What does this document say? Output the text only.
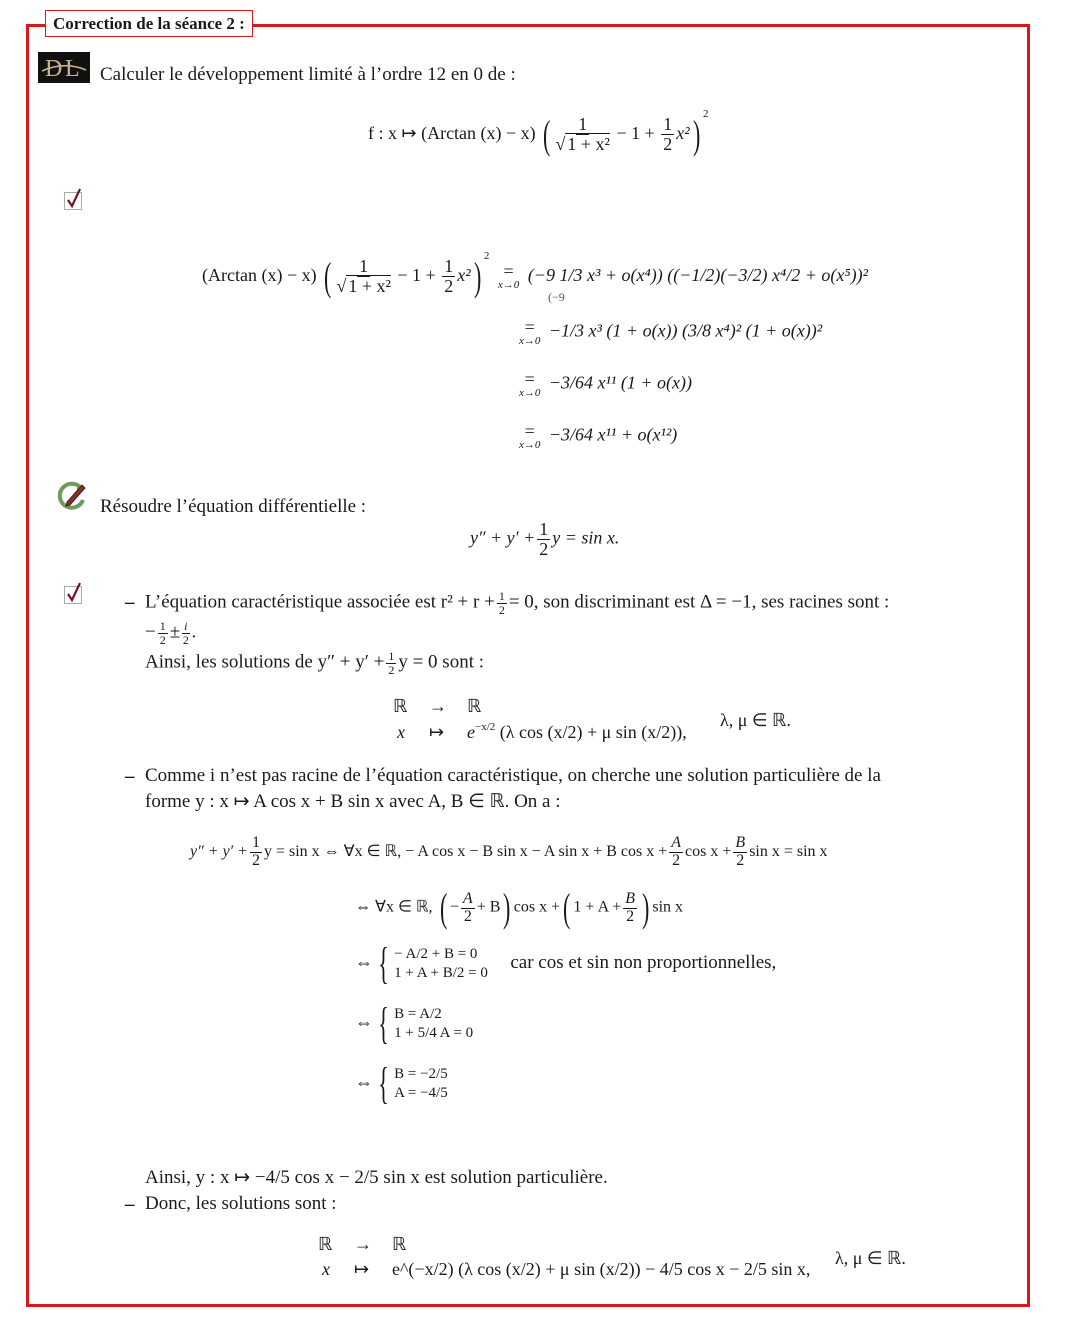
Correction de la séance 2 :
D L Calculer le développement limité à l’ordre 12 en 0 de :
f : x ↦ (Arctan (x) − x) ( $\frac{1}{\text{√ 1 + x²}} - 1 + \frac{1}{2} x^2$) $^2$
(Arctan (x) − x) ( $\frac{1}{\text{√ 1 + x²}} - 1 + \frac{1}{2} x^2$) $^2$
=
x→0
(−9 1/3 x³ + o(x⁴)) ((−1/2)(−3/2) x⁴/2 + o(x⁵))²
(−9
=
x→0
−1/3 x³ (1 + o(x)) (3/8 x⁴)² (1 + o(x))²
=
x→0
−3/64 x¹¹ (1 + o(x))
=
x→0
−3/64 x¹¹ + o(x¹²)
Résoudre l’équation différentielle :
$y'' + y' + \frac{1}{2}$ y = sin x.
– L’équation caractéristique associée est $r^2 + r + \frac{1}{2} = 0$, son discriminant est Δ = −1, ses racines sont :
− $\frac{1}{2} \pm \frac{i}{2}$ .
Ainsi, les solutions de $y'' + y' + \frac{1}{2}$ y = 0 sont :
ℝ → ℝ
x ↦ $e^{-x/2}$ (λ cos (x/2) + μ sin (x/2)),
λ, μ ∈ ℝ.
– Comme i n’est pas racine de l’équation caractéristique, on cherche une solution particulière de la
forme y : x ↦ A cos x + B sin x avec A, B ∈ ℝ. On a :
$y'' + y' + \frac{1}{2}$ y = sin x ⇔ ∀x ∈ ℝ, − A cos x − B sin x − A sin x + B $\cos x + \frac{A}{2}$ $\cos x + \frac{B}{2}$ sin x = sin x
⇔ ∀x ∈ ℝ, ( − $\frac{A}{2} + B$) cos x +( $1 + A + \frac{B}{2}$ ) sin x
⇔ { − A/2 + B = 0
1 + A + B/2 = 0 car cos et sin non proportionnelles,
⇔ { B = A/2
1 + 5/4 A = 0
⇔ { B = −2/5
A = −4/5
Ainsi, y : x ↦ −4/5 cos x − 2/5 sin x est solution particulière.
– Donc, les solutions sont :
ℝ → ℝ
x ↦ e^(−x/2) (λ cos (x/2) + μ sin (x/2)) − 4/5 cos x − 2/5 sin x,
λ, μ ∈ ℝ.
